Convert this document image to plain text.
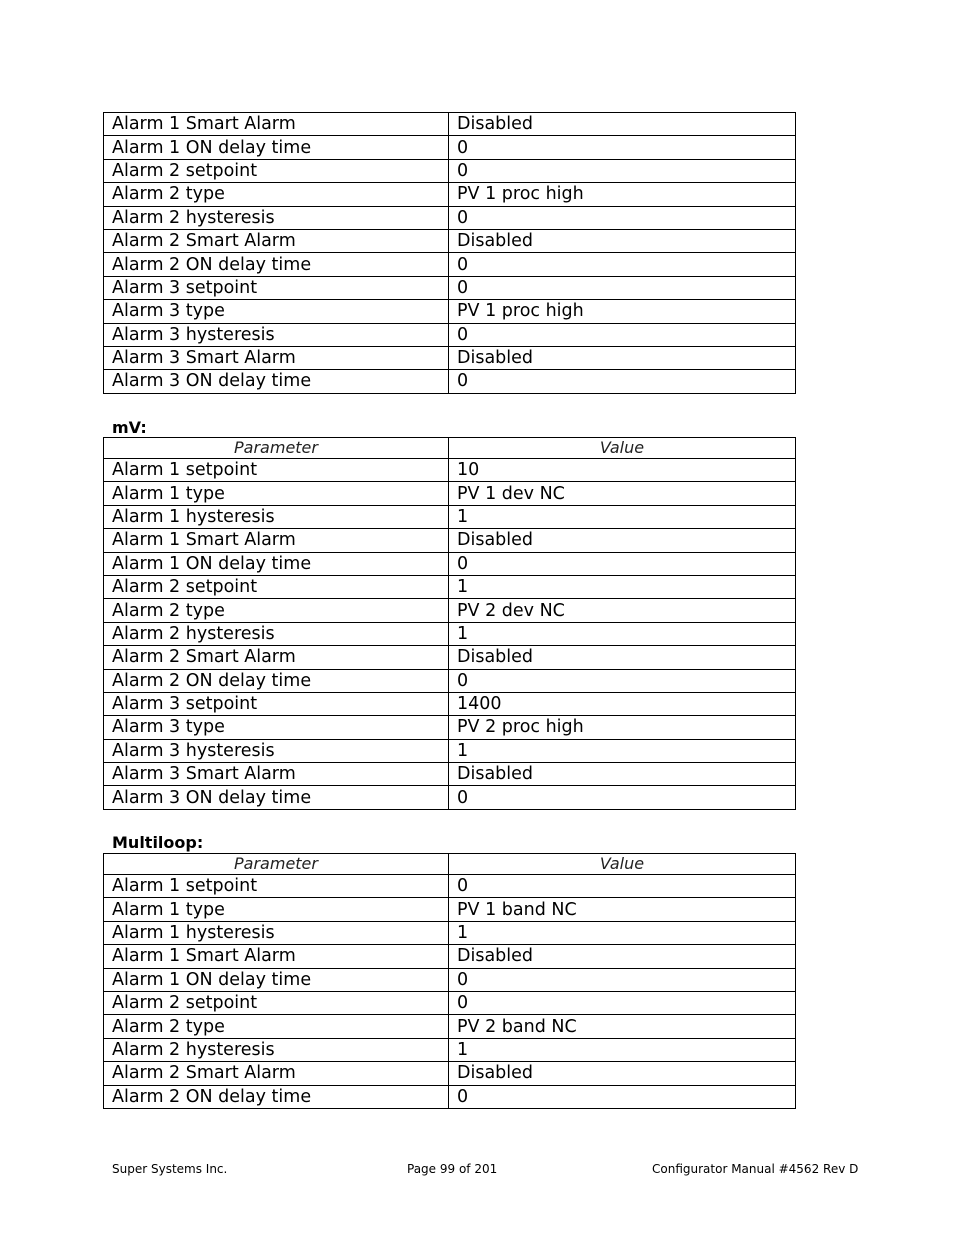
Alarm 1 Smart Alarm	Disabled
Alarm 1 ON delay time	0
Alarm 2 setpoint	0
Alarm 2 type	PV 1 proc high
Alarm 2 hysteresis	0
Alarm 2 Smart Alarm	Disabled
Alarm 2 ON delay time	0
Alarm 3 setpoint	0
Alarm 3 type	PV 1 proc high
Alarm 3 hysteresis	0
Alarm 3 Smart Alarm	Disabled
Alarm 3 ON delay time	0
mV:
Parameter	Value
Alarm 1 setpoint	10
Alarm 1 type	PV 1 dev NC
Alarm 1 hysteresis	1
Alarm 1 Smart Alarm	Disabled
Alarm 1 ON delay time	0
Alarm 2 setpoint	1
Alarm 2 type	PV 2 dev NC
Alarm 2 hysteresis	1
Alarm 2 Smart Alarm	Disabled
Alarm 2 ON delay time	0
Alarm 3 setpoint	1400
Alarm 3 type	PV 2 proc high
Alarm 3 hysteresis	1
Alarm 3 Smart Alarm	Disabled
Alarm 3 ON delay time	0
Multiloop:
Parameter	Value
Alarm 1 setpoint	0
Alarm 1 type	PV 1 band NC
Alarm 1 hysteresis	1
Alarm 1 Smart Alarm	Disabled
Alarm 1 ON delay time	0
Alarm 2 setpoint	0
Alarm 2 type	PV 2 band NC
Alarm 2 hysteresis	1
Alarm 2 Smart Alarm	Disabled
Alarm 2 ON delay time	0
Super Systems Inc.	Page 99 of 201	Configurator Manual #4562 Rev D
